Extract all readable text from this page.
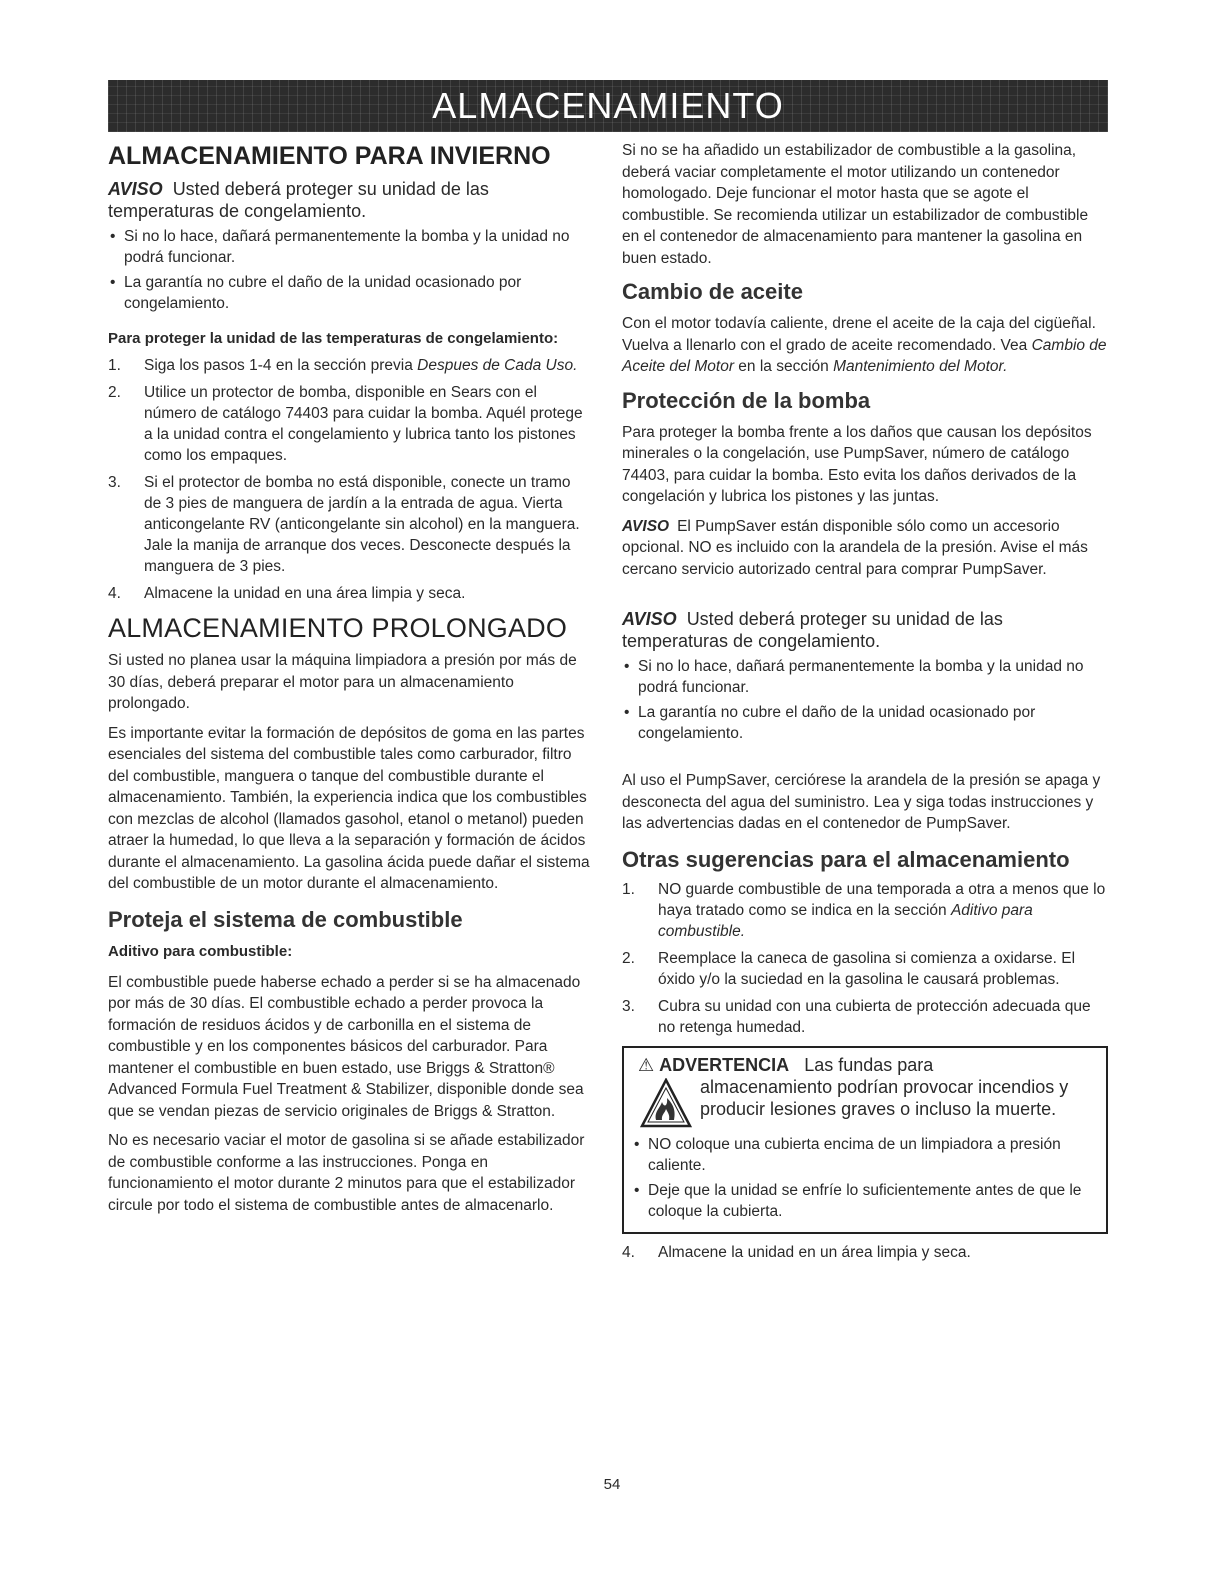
ALMACENAMIENTO
ALMACENAMIENTO PARA INVIERNO
AVISO Usted deberá proteger su unidad de las temperaturas de congelamiento.
• Si no lo hace, dañará permanentemente la bomba y la unidad no podrá funcionar.
• La garantía no cubre el daño de la unidad ocasionado por congelamiento.
Para proteger la unidad de las temperaturas de congelamiento:
1. Siga los pasos 1-4 en la sección previa Despues de Cada Uso.
2. Utilice un protector de bomba, disponible en Sears con el número de catálogo 74403 para cuidar la bomba. Aquél protege a la unidad contra el congelamiento y lubrica tanto los pistones como los empaques.
3. Si el protector de bomba no está disponible, conecte un tramo de 3 pies de manguera de jardín a la entrada de agua. Vierta anticongelante RV (anticongelante sin alcohol) en la manguera. Jale la manija de arranque dos veces. Desconecte después la manguera de 3 pies.
4. Almacene la unidad en una área limpia y seca.
ALMACENAMIENTO PROLONGADO

Si usted no planea usar la máquina limpiadora a presión por más de 30 días, deberá preparar el motor para un almacenamiento prolongado.

Es importante evitar la formación de depósitos de goma en las partes esenciales del sistema del combustible tales como carburador, filtro del combustible, manguera o tanque del combustible durante el almacenamiento. También, la experiencia indica que los combustibles con mezclas de alcohol (llamados gasohol, etanol o metanol) pueden atraer la humedad, lo que lleva a la separación y formación de ácidos durante el almacenamiento. La gasolina ácida puede dañar el sistema del combustible de un motor durante el almacenamiento.

Proteja el sistema de combustible
Aditivo para combustible:

El combustible puede haberse echado a perder si se ha almacenado por más de 30 días. El combustible echado a perder provoca la formación de residuos ácidos y de carbonilla en el sistema de combustible y en los componentes básicos del carburador. Para mantener el combustible en buen estado, use Briggs & Stratton® Advanced Formula Fuel Treatment & Stabilizer, disponible donde sea que se vendan piezas de servicio originales de Briggs & Stratton.

No es necesario vaciar el motor de gasolina si se añade estabilizador de combustible conforme a las instrucciones. Ponga en funcionamiento el motor durante 2 minutos para que el estabilizador circule por todo el sistema de combustible antes de almacenarlo.

Si no se ha añadido un estabilizador de combustible a la gasolina, deberá vaciar completamente el motor utilizando un contenedor homologado. Deje funcionar el motor hasta que se agote el combustible. Se recomienda utilizar un estabilizador de combustible en el contenedor de almacenamiento para mantener la gasolina en buen estado.

Cambio de aceite

Con el motor todavía caliente, drene el aceite de la caja del cigüeñal. Vuelva a llenarlo con el grado de aceite recomendado. Vea Cambio de Aceite del Motor en la sección Mantenimiento del Motor.

Protección de la bomba

Para proteger la bomba frente a los daños que causan los depósitos minerales o la congelación, use PumpSaver, número de catálogo 74403, para cuidar la bomba. Esto evita los daños derivados de la congelación y lubrica los pistones y las juntas.

AVISO El PumpSaver están disponible sólo como un accesorio opcional. NO es incluido con la arandela de la presión. Avise el más cercano servicio autorizado central para comprar PumpSaver.

AVISO Usted deberá proteger su unidad de las temperaturas de congelamiento.
• Si no lo hace, dañará permanentemente la bomba y la unidad no podrá funcionar.
• La garantía no cubre el daño de la unidad ocasionado por congelamiento.

Al uso el PumpSaver, cerciórese la arandela de la presión se apaga y desconecta del agua del suministro. Lea y siga todas instrucciones y las advertencias dadas en el contenedor de PumpSaver.

Otras sugerencias para el almacenamiento
1. NO guarde combustible de una temporada a otra a menos que lo haya tratado como se indica en la sección Aditivo para combustible.
2. Reemplace la caneca de gasolina si comienza a oxidarse. El óxido y/o la suciedad en la gasolina le causará problemas.
3. Cubra su unidad con una cubierta de protección adecuada que no retenga humedad.
⚠ ADVERTENCIA Las fundas para
almacenamiento podrían provocar incendios y producir lesiones graves o incluso la muerte.
• NO coloque una cubierta encima de un limpiadora a presión caliente.
• Deje que la unidad se enfríe lo suficientemente antes de que le coloque la cubierta.
4. Almacene la unidad en un área limpia y seca.
54
